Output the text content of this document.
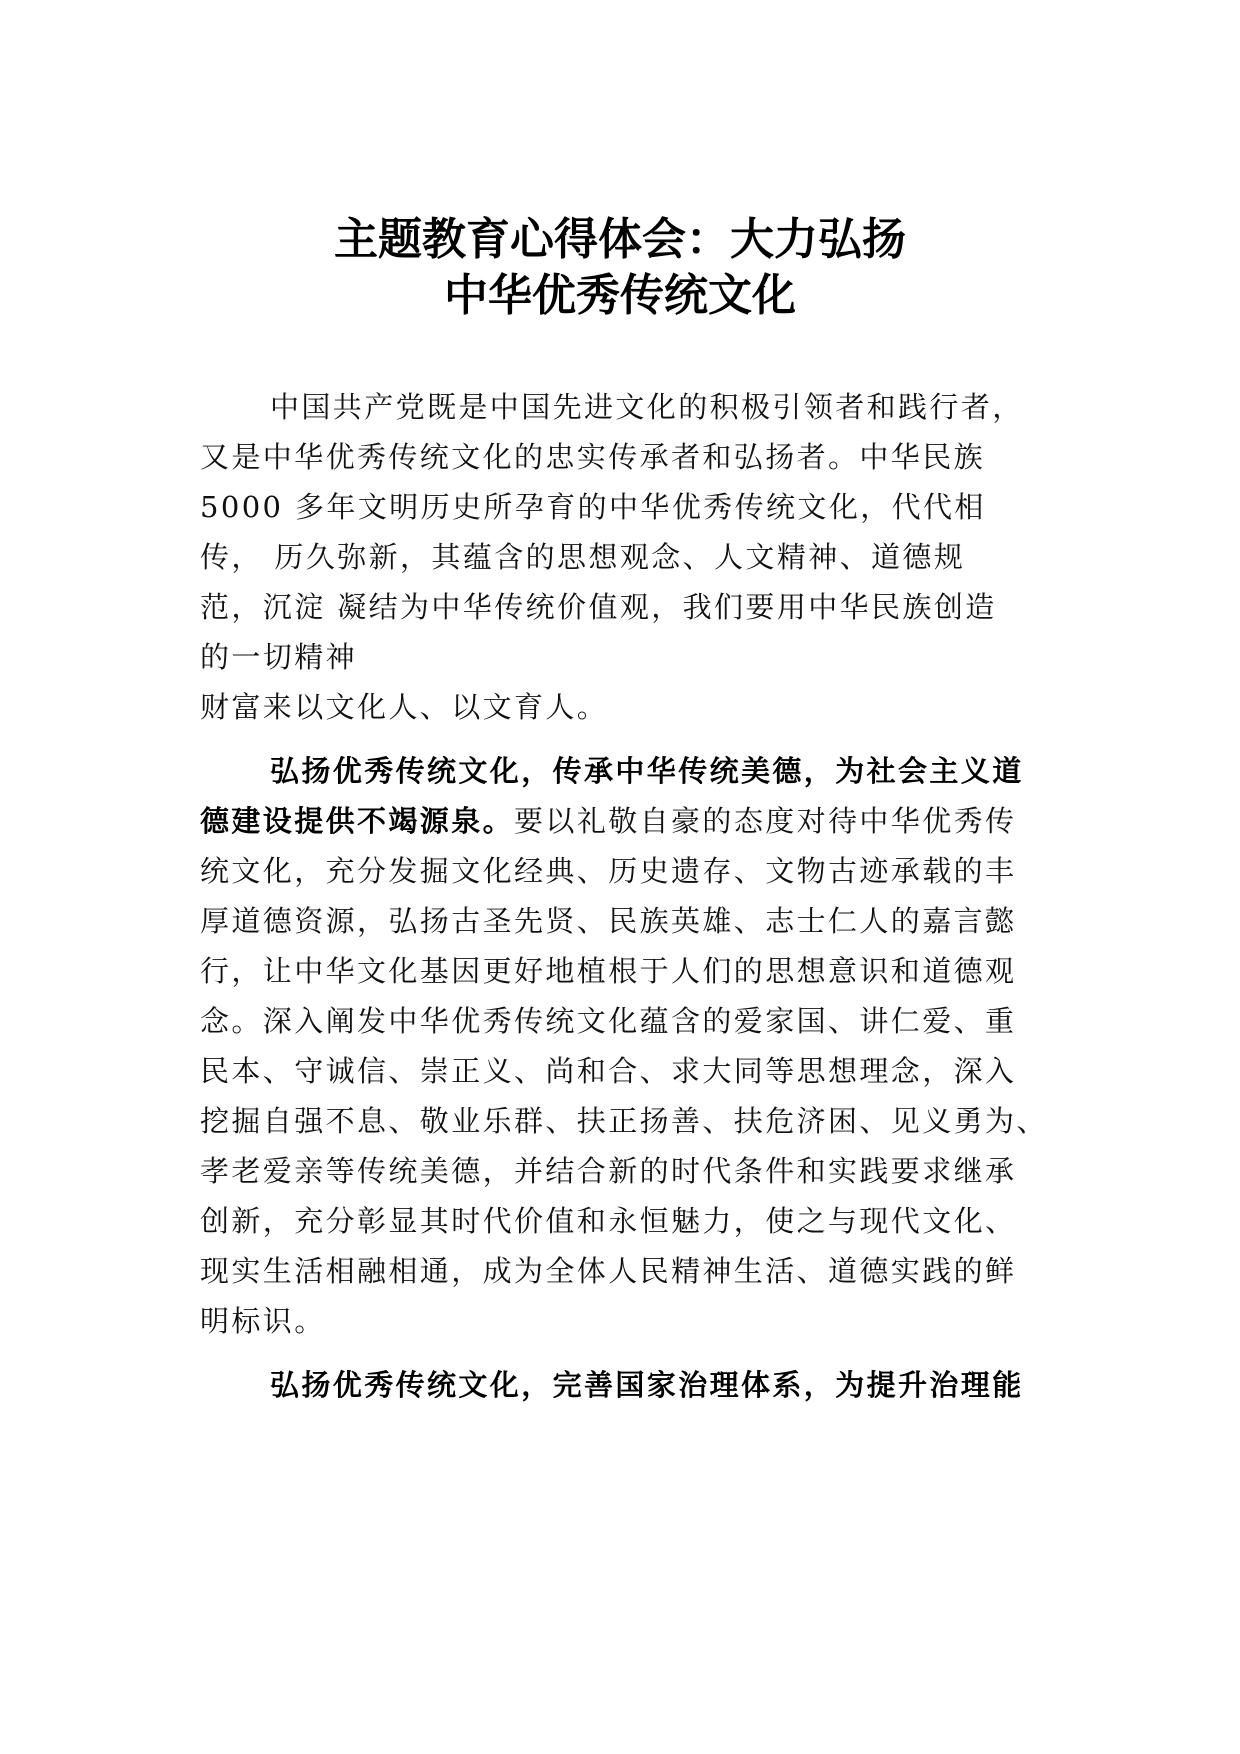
主题教育心得体会：大力弘扬
中华优秀传统文化
中国共产党既是中国先进文化的积极引领者和践行者，
又是中华优秀传统文化的忠实传承者和弘扬者。中华民族
5000 多年文明历史所孕育的中华优秀传统文化，代代相
传， 历久弥新，其蕴含的思想观念、人文精神、道德规
范，沉淀 凝结为中华传统价值观，我们要用中华民族创造
的一切精神
财富来以文化人、以文育人。
弘扬优秀传统文化，传承中华传统美德，为社会主义道
德建设提供不竭源泉。要以礼敬自豪的态度对待中华优秀传
统文化，充分发掘文化经典、历史遗存、文物古迹承载的丰
厚道德资源，弘扬古圣先贤、民族英雄、志士仁人的嘉言懿
行，让中华文化基因更好地植根于人们的思想意识和道德观
念。深入阐发中华优秀传统文化蕴含的爱家国、讲仁爱、重
民本、守诚信、崇正义、尚和合、求大同等思想理念，深入
挖掘自强不息、敬业乐群、扶正扬善、扶危济困、见义勇为、
孝老爱亲等传统美德，并结合新的时代条件和实践要求继承
创新，充分彰显其时代价值和永恒魅力，使之与现代文化、
现实生活相融相通，成为全体人民精神生活、道德实践的鲜
明标识。
弘扬优秀传统文化，完善国家治理体系，为提升治理能
